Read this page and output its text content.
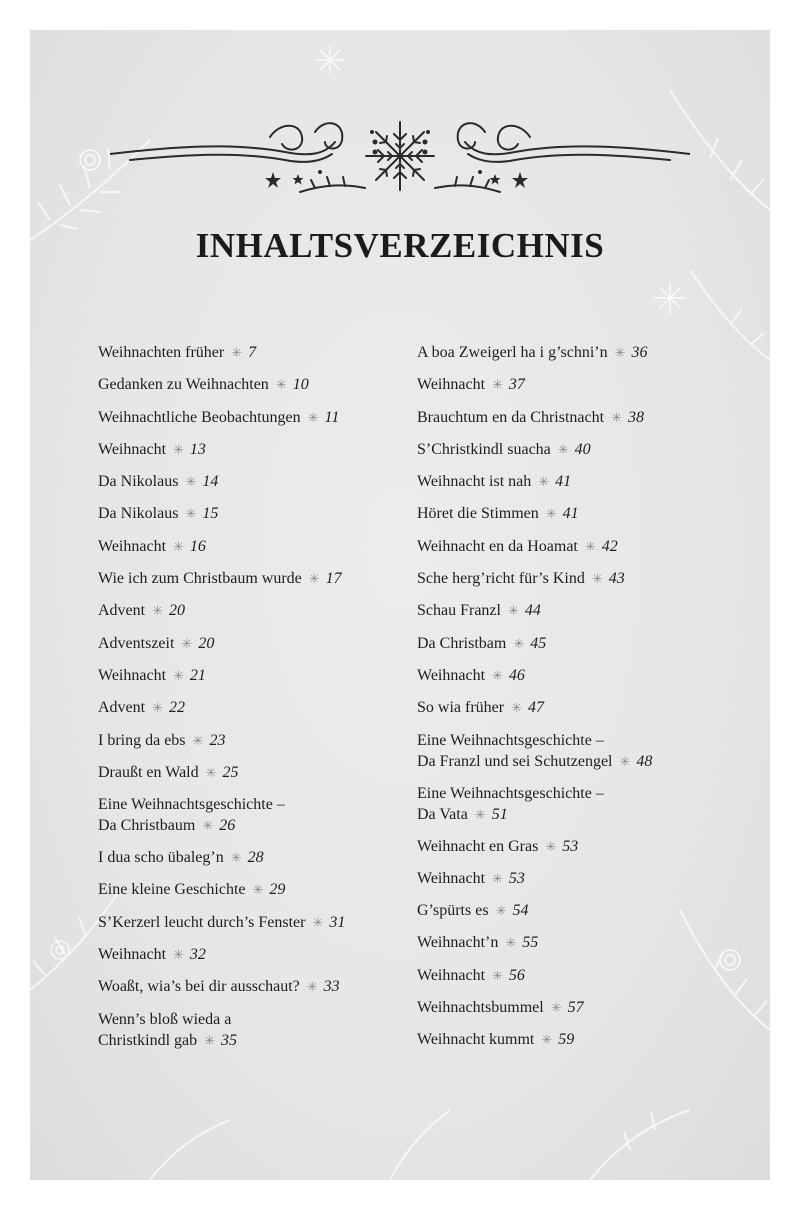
INHALTSVERZEICHNIS
Weihnachten früher ✳ 7
Gedanken zu Weihnachten ✳ 10
Weihnachtliche Beobachtungen ✳ 11
Weihnacht ✳ 13
Da Nikolaus ✳ 14
Da Nikolaus ✳ 15
Weihnacht ✳ 16
Wie ich zum Christbaum wurde ✳ 17
Advent ✳ 20
Adventszeit ✳ 20
Weihnacht ✳ 21
Advent ✳ 22
I bring da ebs ✳ 23
Draußt en Wald ✳ 25
Eine Weihnachtsgeschichte –
Da Christbaum ✳ 26
I dua scho übaleg’n ✳ 28
Eine kleine Geschichte ✳ 29
S’Kerzerl leucht durch’s Fenster ✳ 31
Weihnacht ✳ 32
Woaßt, wia’s bei dir ausschaut? ✳ 33
Wenn’s bloß wieda a
Christkindl gab ✳ 35
A boa Zweigerl ha i g’schni’n ✳ 36
Weihnacht ✳ 37
Brauchtum en da Christnacht ✳ 38
S’Christkindl suacha ✳ 40
Weihnacht ist nah ✳ 41
Höret die Stimmen ✳ 41
Weihnacht en da Hoamat ✳ 42
Sche herg’richt für’s Kind ✳ 43
Schau Franzl ✳ 44
Da Christbam ✳ 45
Weihnacht ✳ 46
So wia früher ✳ 47
Eine Weihnachtsgeschichte –
Da Franzl und sei Schutzengel ✳ 48
Eine Weihnachtsgeschichte –
Da Vata ✳ 51
Weihnacht en Gras ✳ 53
Weihnacht ✳ 53
G’spürts es ✳ 54
Weihnacht’n ✳ 55
Weihnacht ✳ 56
Weihnachtsbummel ✳ 57
Weihnacht kummt ✳ 59
